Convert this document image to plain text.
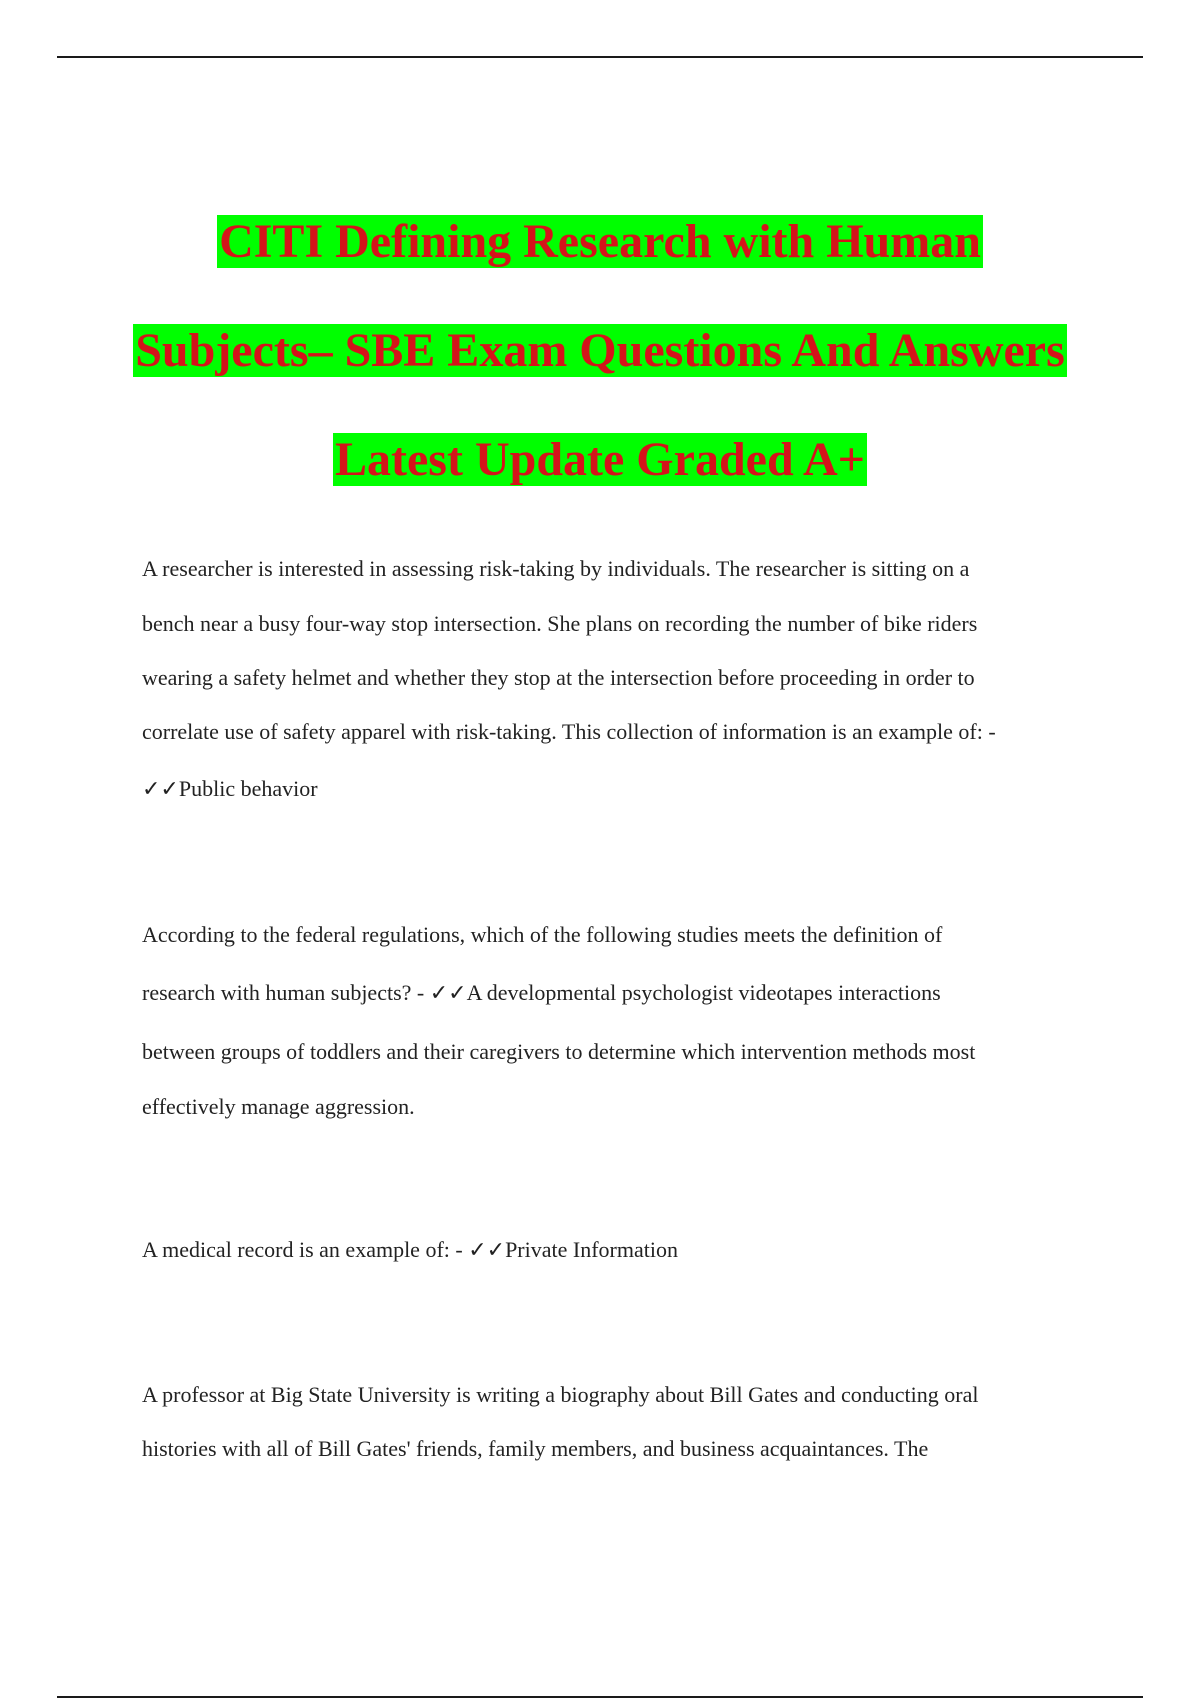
CITI Defining Research with Human
Subjects– SBE Exam Questions And Answers
Latest Update Graded A+
A researcher is interested in assessing risk-taking by individuals. The researcher is sitting on a
bench near a busy four-way stop intersection. She plans on recording the number of bike riders
wearing a safety helmet and whether they stop at the intersection before proceeding in order to
correlate use of safety apparel with risk-taking. This collection of information is an example of: -
✓✓Public behavior
According to the federal regulations, which of the following studies meets the definition of
research with human subjects? - ✓✓A developmental psychologist videotapes interactions
between groups of toddlers and their caregivers to determine which intervention methods most
effectively manage aggression.
A medical record is an example of: - ✓✓Private Information
A professor at Big State University is writing a biography about Bill Gates and conducting oral
histories with all of Bill Gates' friends, family members, and business acquaintances. The
